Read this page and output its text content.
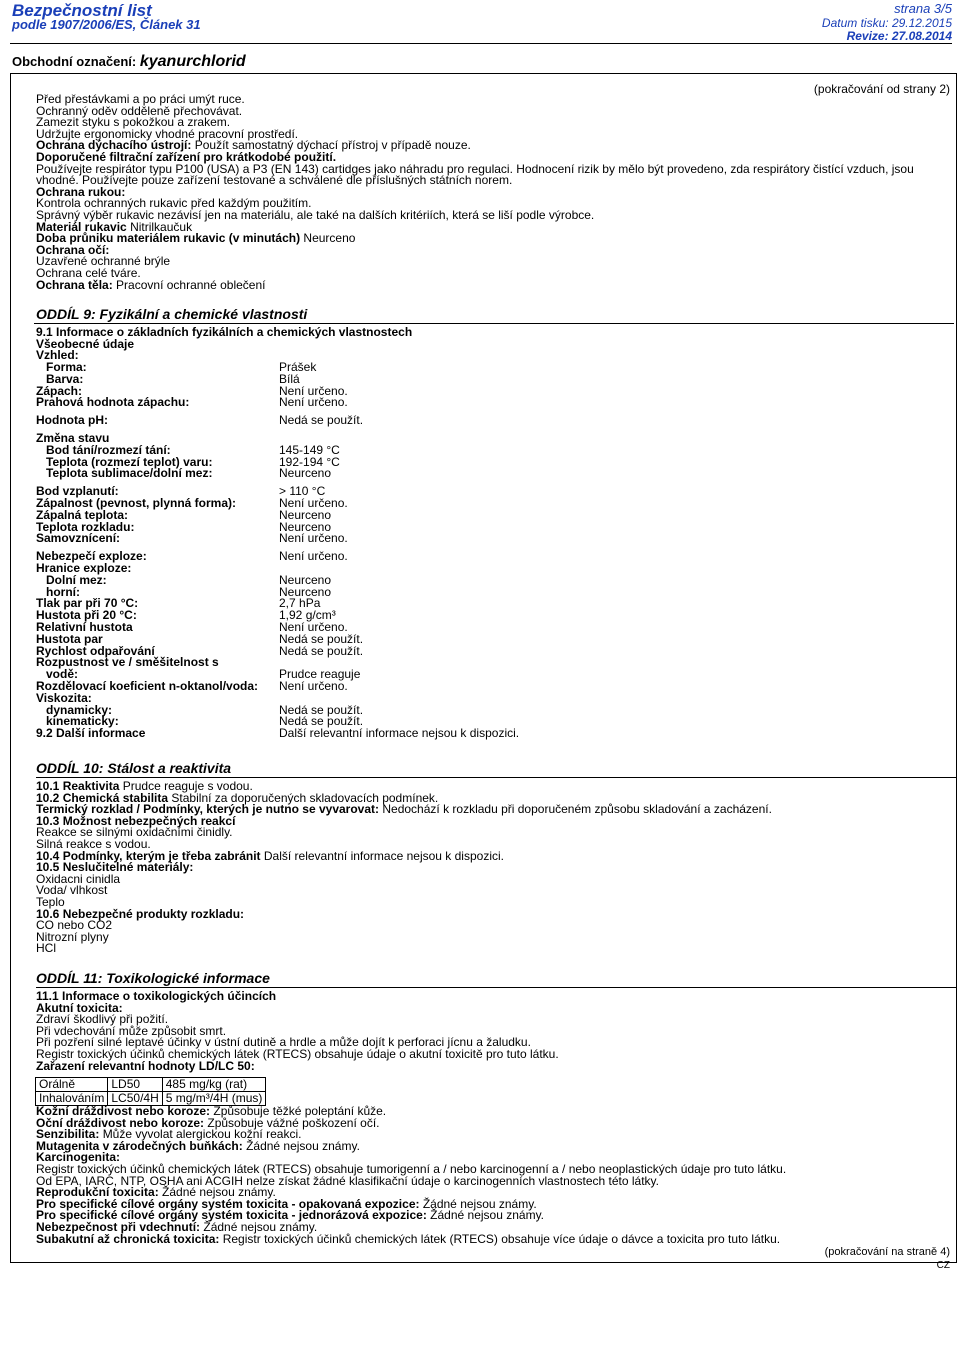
Bezpečnostní list
podle 1907/2006/ES, Článek 31
strana 3/5
Datum tisku: 29.12.2015
Revize: 27.08.2014
Obchodní označení: kyanurchlorid
(pokračování od strany 2)
Před přestávkami a po práci umýt ruce.
Ochranný oděv odděleně přechovávat.
Zamezit styku s pokožkou a zrakem.
Udržujte ergonomicky vhodné pracovní prostředí.
Ochrana dýchacího ústrojí: Použít samostatný dýchací přístroj v případě nouze.
Doporučené filtrační zařízení pro krátkodobé použití.
Používejte respirátor typu P100 (USA) a P3 (EN 143) cartidges jako náhradu pro regulaci. Hodnocení rizik by mělo být provedeno, zda respirátory čistící vzduch, jsou vhodné. Používejte pouze zařízení testované a schválené dle příslušných státních norem.
Ochrana rukou:
Kontrola ochranných rukavic před každým použitím.
Správný výběr rukavic nezávisí jen na materiálu, ale také na dalších kritériích, která se liší podle výrobce.
Materiál rukavic Nitrilkaučuk
Doba průniku materiálem rukavic (v minutách) Neurceno
Ochrana očí:
Uzavřené ochranné brýle
Ochrana celé tváre.
Ochrana těla: Pracovní ochranné oblečení
ODDÍL 9: Fyzikální a chemické vlastnosti
9.1 Informace o základních fyzikálních a chemických vlastnostech
Všeobecné údaje
Vzhled:
Forma:	Prášek
Barva:	Bílá
Zápach:	Není určeno.
Prahová hodnota zápachu:	Není určeno.
Hodnota pH:	Nedá se použít.
Změna stavu
Bod tání/rozmezí tání:	145-149 °C
Teplota (rozmezí teplot) varu:	192-194 °C
Teplota sublimace/dolní mez:	Neurceno
Bod vzplanutí:	> 110 °C
Zápalnost (pevnost, plynná forma):	Není určeno.
Zápalná teplota:	Neurceno
Teplota rozkladu:	Neurceno
Samovznícení:	Není určeno.
Nebezpečí exploze:	Není určeno.
Hranice exploze:
Dolní mez:	Neurceno
horní:	Neurceno
Tlak par při 70 °C:	2,7 hPa
Hustota při 20 °C:	1,92 g/cm³
Relativní hustota	Není určeno.
Hustota par	Nedá se použít.
Rychlost odpařování	Nedá se použít.
Rozpustnost ve / směšitelnost s
vodě:	Prudce reaguje
Rozdělovací koeficient n-oktanol/voda: Není určeno.
Viskozita:
dynamicky:	Nedá se použít.
kinematicky:	Nedá se použít.
9.2 Další informace	Další relevantní informace nejsou k dispozici.
ODDÍL 10: Stálost a reaktivita
10.1 Reaktivita Prudce reaguje s vodou.
10.2 Chemická stabilita Stabilní za doporučených skladovacích podmínek.
Termický rozklad / Podmínky, kterých je nutno se vyvarovat: Nedochází k rozkladu při doporučeném způsobu skladování a zacházení.
10.3 Možnost nebezpečných reakcí
Reakce se silnými oxidačními činidly.
Silná reakce s vodou.
10.4 Podmínky, kterým je třeba zabránit Další relevantní informace nejsou k dispozici.
10.5 Neslučitelné materiály:
Oxidacni cinidla
Voda/ vlhkost
Teplo
10.6 Nebezpečné produkty rozkladu:
CO nebo CO2
Nitrozní plyny
HCl
ODDÍL 11: Toxikologické informace
11.1 Informace o toxikologických účincích
Akutní toxicita:
Zdraví škodlivý při požití.
Při vdechování může způsobit smrt.
Při pozření silné leptavé účinky v ústní dutině a hrdle a může dojít k perforaci jícnu a žaludku.
Registr toxických účinků chemických látek (RTECS) obsahuje údaje o akutní toxicitě pro tuto látku.
Zařazení relevantní hodnoty LD/LC 50:
Orálně	LD50	485 mg/kg (rat)
Inhalováním	LC50/4H	5 mg/m³/4H (mus)
Kožní dráždivost nebo koroze: Způsobuje těžké poleptání kůže.
Oční dráždivost nebo koroze: Způsobuje vážné poškození očí.
Senzibilita: Může vyvolat alergickou kožní reakci.
Mutagenita v zárodečných buňkách: Žádné nejsou známy.
Karcinogenita:
Registr toxických účinků chemických látek (RTECS) obsahuje tumorigenní a / nebo karcinogenní a / nebo neoplastických údaje pro tuto látku.
Od EPA, IARC, NTP, OSHA ani ACGIH nelze získat žádné klasifikační údaje o karcinogenních vlastnostech této látky.
Reprodukční toxicita: Žádné nejsou známy.
Pro specifické cílové orgány systém toxicita - opakovaná expozice: Žádné nejsou známy.
Pro specifické cílové orgány systém toxicita - jednorázová expozice: Žádné nejsou známy.
Nebezpečnost při vdechnutí: Žádné nejsou známy.
Subakutní až chronická toxicita: Registr toxických účinků chemických látek (RTECS) obsahuje více údaje o dávce a toxicita pro tuto látku.
(pokračování na straně 4)
CZ
